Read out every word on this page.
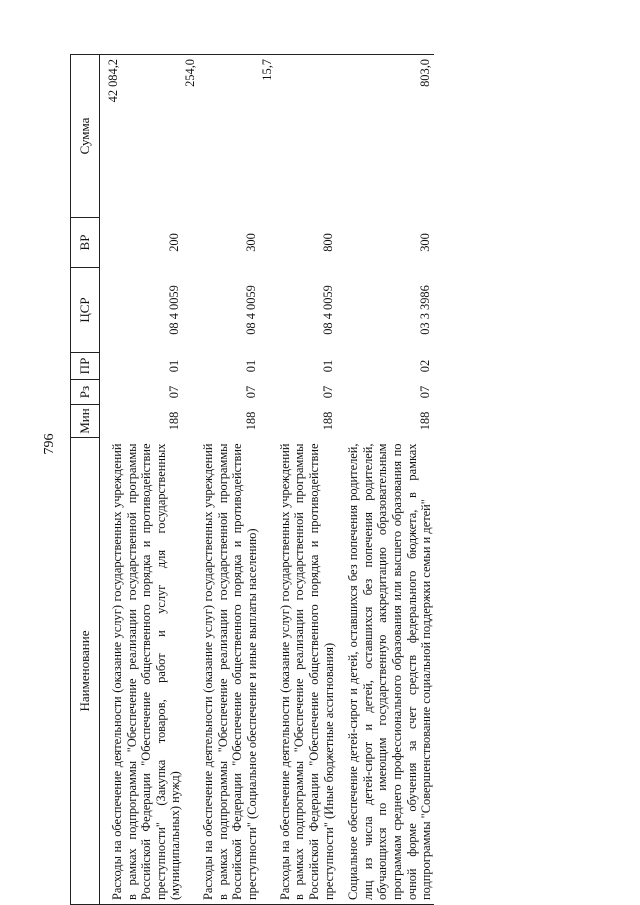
796
Наименование	Мин	Рз	ПР	ЦСР	ВР	Сумма
Расходы на обеспечение деятельности (оказание услуг) государственных учреждений в рамках подпрограммы "Обеспечение реализации государственной программы Российской Федерации "Обеспечение общественного порядка и противодействие преступности" (Закупка товаров, работ и услуг для государственных (муниципальных) нужд)	188	07	01	08 4 0059	200	42 084,2
Расходы на обеспечение деятельности (оказание услуг) государственных учреждений в рамках подпрограммы "Обеспечение реализации государственной программы Российской Федерации "Обеспечение общественного порядка и противодействие преступности" (Социальное обеспечение и иные выплаты населению)	188	07	01	08 4 0059	300	254,0
Расходы на обеспечение деятельности (оказание услуг) государственных учреждений в рамках подпрограммы "Обеспечение реализации государственной программы Российской Федерации "Обеспечение общественного порядка и противодействие преступности" (Иные бюджетные ассигнования)	188	07	01	08 4 0059	800	15,7
Социальное обеспечение детей-сирот и детей, оставшихся без попечения родителей, лиц из числа детей-сирот и детей, оставшихся без попечения родителей, обучающихся по имеющим государственную аккредитацию образовательным программам среднего профессионального образования или высшего образования по очной форме обучения за счет средств федерального бюджета, в рамках подпрограммы "Совершенствование социальной поддержки семьи и детей"	188	07	02	03 3 3986	300	803,0
